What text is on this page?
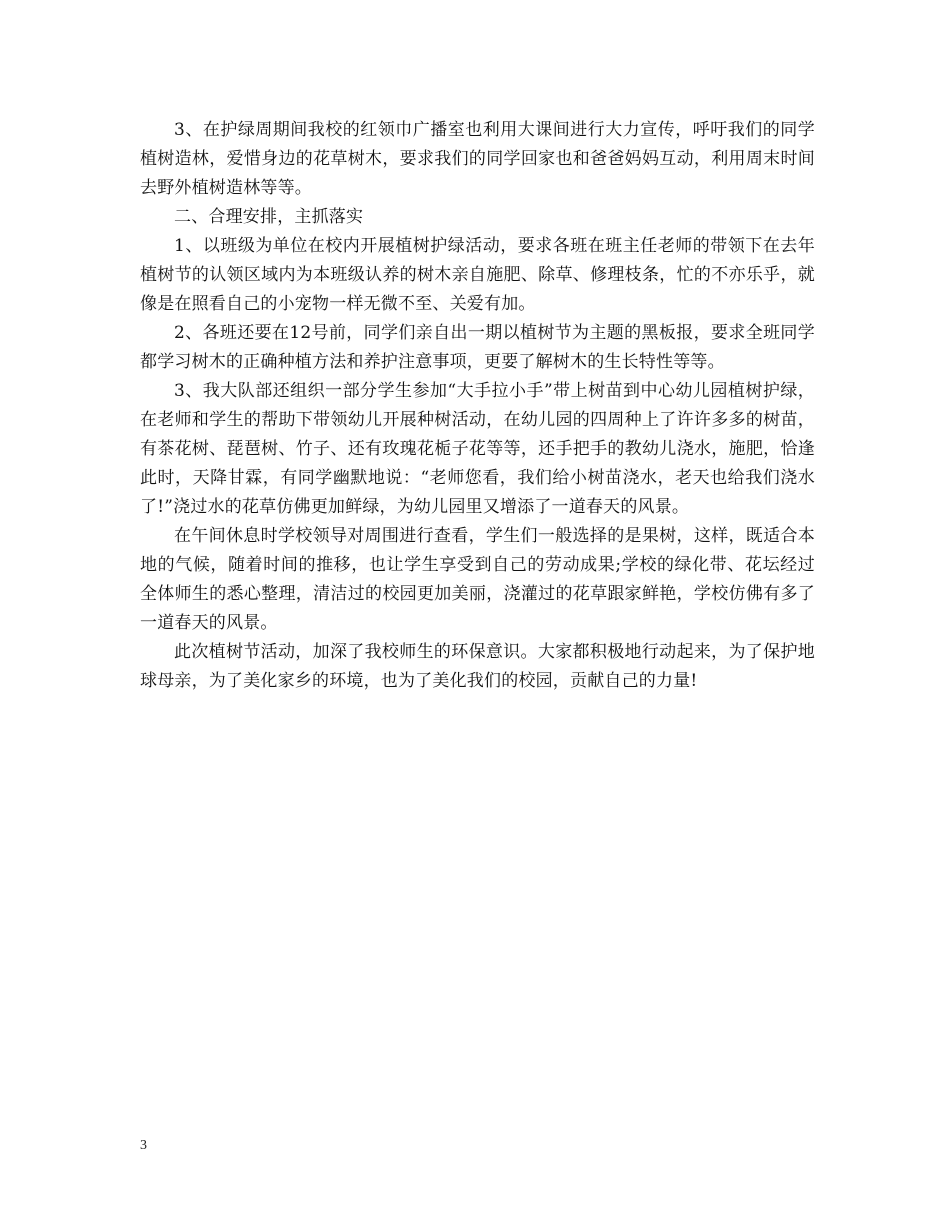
3、在护绿周期间我校的红领巾广播室也利用大课间进行大力宣传，呼吁我们的同学植树造林，爱惜身边的花草树木，要求我们的同学回家也和爸爸妈妈互动，利用周末时间去野外植树造林等等。

二、合理安排，主抓落实

1、以班级为单位在校内开展植树护绿活动，要求各班在班主任老师的带领下在去年植树节的认领区域内为本班级认养的树木亲自施肥、除草、修理枝条，忙的不亦乐乎，就像是在照看自己的小宠物一样无微不至、关爱有加。

2、各班还要在12号前，同学们亲自出一期以植树节为主题的黑板报，要求全班同学都学习树木的正确种植方法和养护注意事项，更要了解树木的生长特性等等。

3、我大队部还组织一部分学生参加“大手拉小手”带上树苗到中心幼儿园植树护绿，在老师和学生的帮助下带领幼儿开展种树活动，在幼儿园的四周种上了许许多多的树苗，有茶花树、琵琶树、竹子、还有玫瑰花栀子花等等，还手把手的教幼儿浇水，施肥，恰逢此时，天降甘霖，有同学幽默地说：“老师您看，我们给小树苗浇水，老天也给我们浇水了!”浇过水的花草仿佛更加鲜绿，为幼儿园里又增添了一道春天的风景。

在午间休息时学校领导对周围进行查看，学生们一般选择的是果树，这样，既适合本地的气候，随着时间的推移，也让学生享受到自己的劳动成果;学校的绿化带、花坛经过全体师生的悉心整理，清洁过的校园更加美丽，浇灌过的花草跟家鲜艳，学校仿佛有多了一道春天的风景。

此次植树节活动，加深了我校师生的环保意识。大家都积极地行动起来，为了保护地球母亲，为了美化家乡的环境，也为了美化我们的校园，贡献自己的力量!

3
